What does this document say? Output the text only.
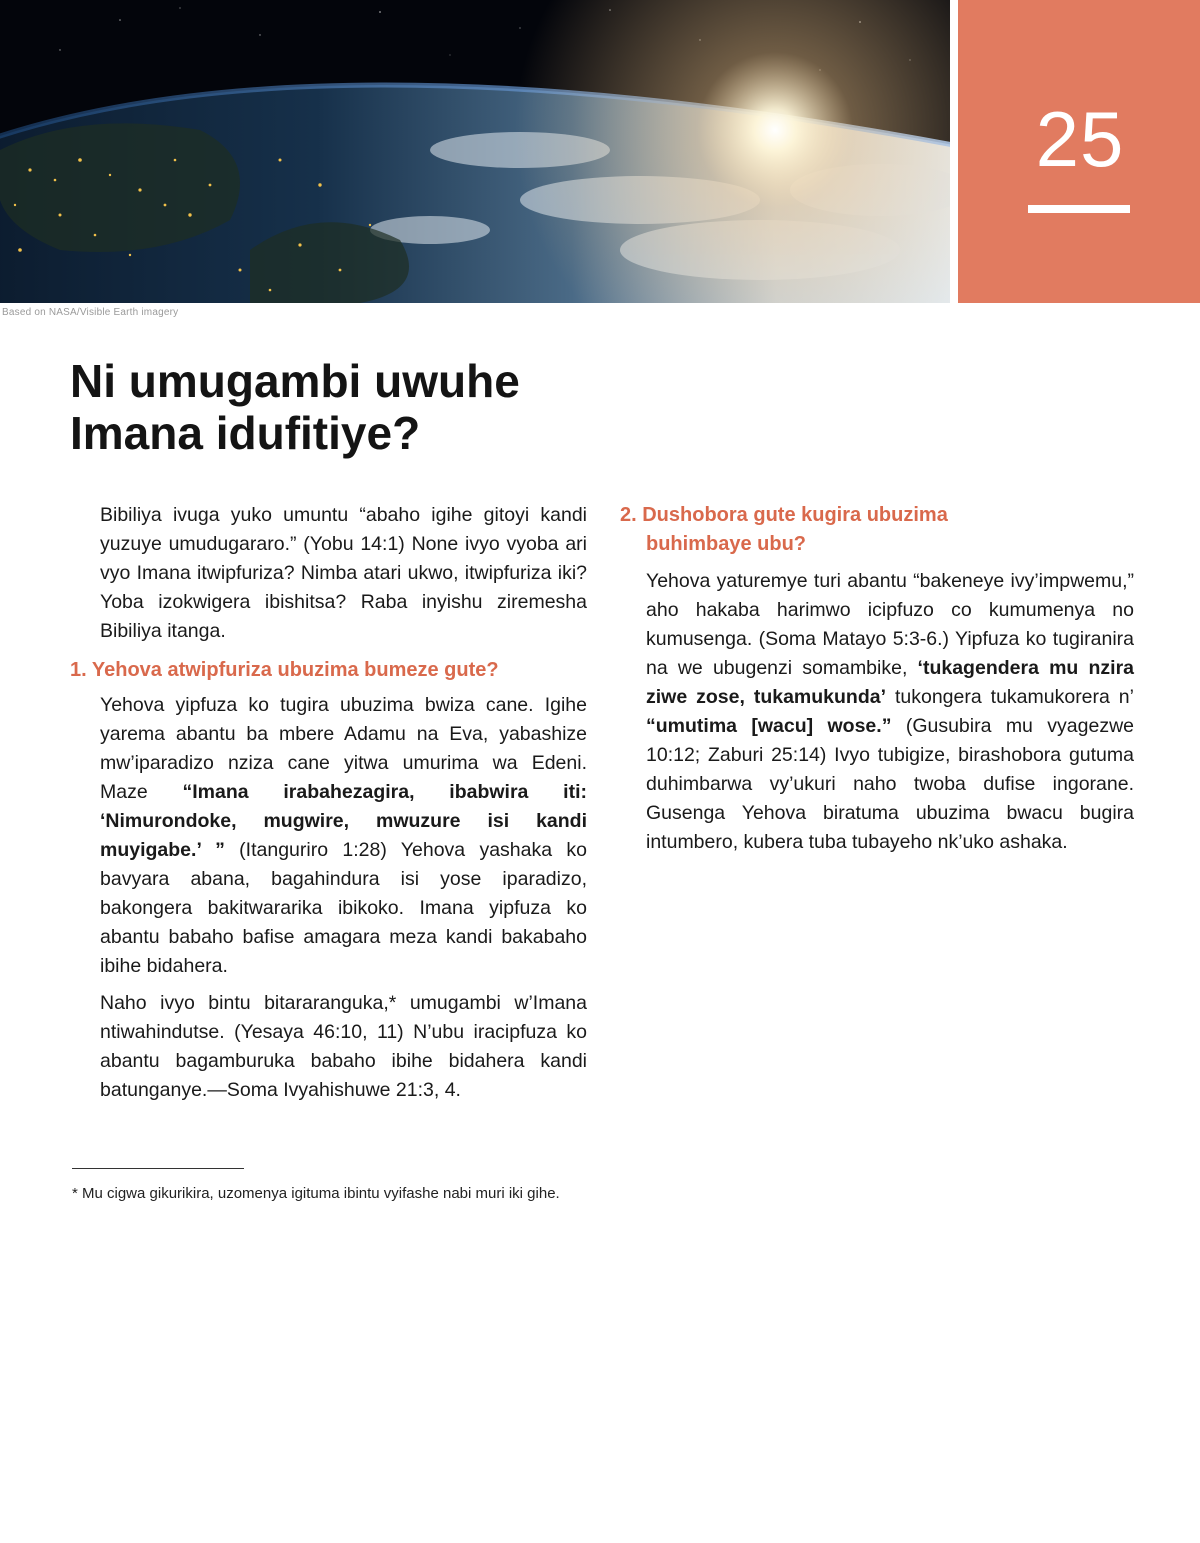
Based on NASA/Visible Earth imagery
25
Ni umugambi uwuhe
Imana idufitiye?

Bibiliya ivuga yuko umuntu “abaho igihe gitoyi kandi yuzuye umudugararo.” (Yobu 14:1) None ivyo vyoba ari vyo Imana itwipfuriza? Nimba atari ukwo, itwipfuriza iki? Yoba izokwigera ibishitsa? Raba inyishu ziremesha Bibiliya itanga.

1. Yehova atwipfuriza ubuzima bumeze gute?

Yehova yipfuza ko tugira ubuzima bwiza cane. Igihe yarema abantu ba mbere Adamu na Eva, yabashize mw’iparadizo nziza cane yitwa umurima wa Edeni. Maze “Imana irabahezagira, ibabwira iti: ‘Nimurondoke, mugwire, mwuzure isi kandi muyigabe.’ ” (Itanguriro 1:28) Yehova yashaka ko bavyara abana, bagahindura isi yose iparadizo, bakongera bakitwararika ibikoko. Imana yipfuza ko abantu babaho bafise amagara meza kandi bakabaho ibihe bidahera.

Naho ivyo bintu bitararanguka,* umugambi w’Imana ntiwahindutse. (Yesaya 46:10, 11) N’ubu iracipfuza ko abantu bagamburuka babaho ibihe bidahera kandi batunganye.—Soma Ivyahishuwe 21:3, 4.

2. Dushobora gute kugira ubuzima
buhimbaye ubu?

Yehova yaturemye turi abantu “bakeneye ivy’impwemu,” aho hakaba harimwo icipfuzo co kumumenya no kumusenga. (Soma Matayo 5:3-6.) Yipfuza ko tugiranira na we ubugenzi somambike, ‘tukagendera mu nzira ziwe zose, tukamukunda’ tukongera tukamukorera n’ “umutima [wacu] wose.” (Gusubira mu vyagezwe 10:12; Zaburi 25:14) Ivyo tubigize, birashobora gutuma duhimbarwa vy’ukuri naho twoba dufise ingorane. Gusenga Yehova biratuma ubuzima bwacu bugira intumbero, kubera tuba tubayeho nk’uko ashaka.

* Mu cigwa gikurikira, uzomenya igituma ibintu vyifashe nabi muri iki gihe.
